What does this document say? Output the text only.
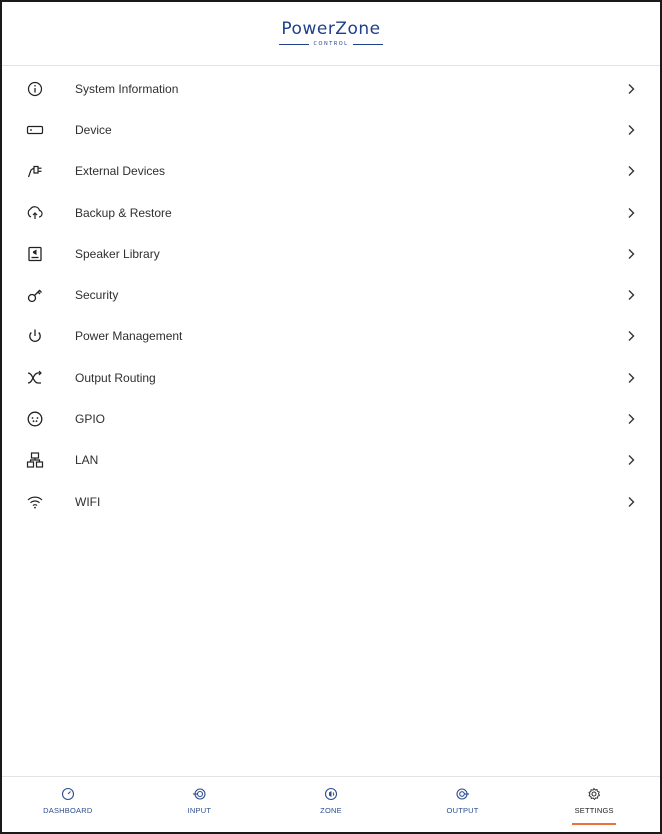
PowerZone
CONTROL
System Information
Device
External Devices
Backup & Restore
Speaker Library
Security
Power Management
Output Routing
GPIO
LAN
WIFI
DASHBOARD	INPUT	ZONE	OUTPUT	SETTINGS
